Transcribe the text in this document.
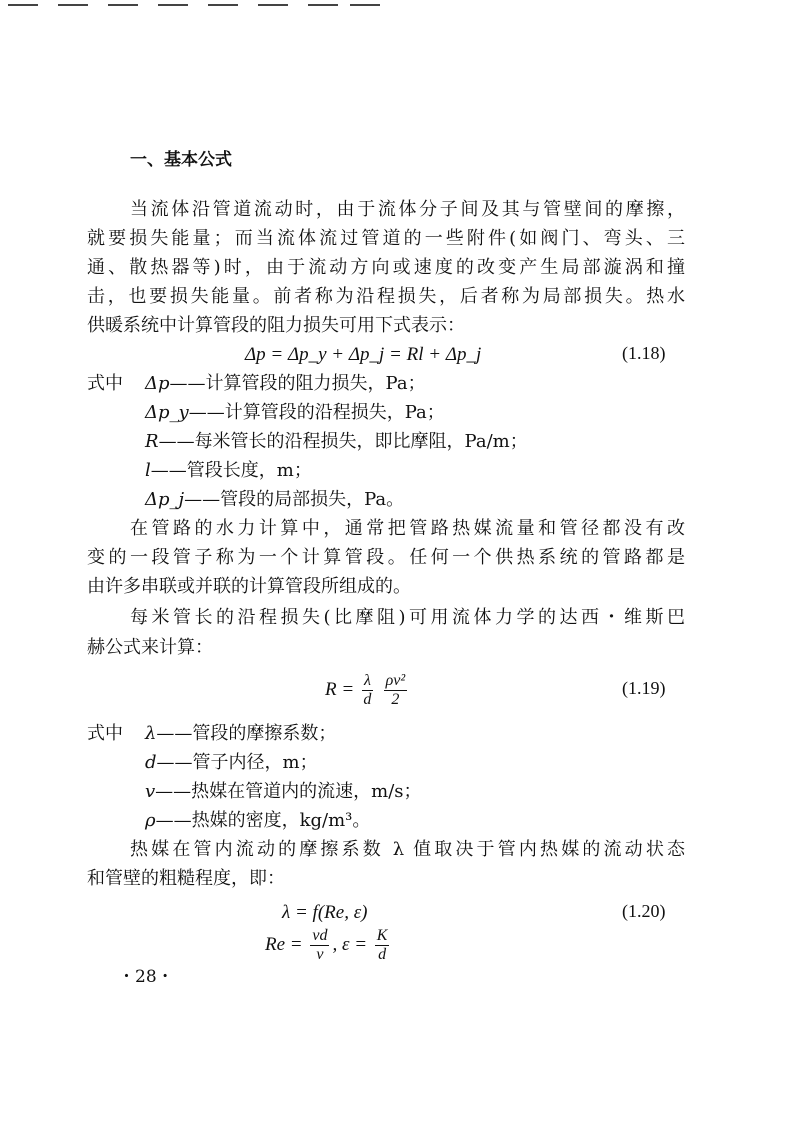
一、基本公式
当流体沿管道流动时，由于流体分子间及其与管壁间的摩擦，
就要损失能量；而当流体流过管道的一些附件(如阀门、弯头、三
通、散热器等)时，由于流动方向或速度的改变产生局部漩涡和撞
击，也要损失能量。前者称为沿程损失，后者称为局部损失。热水
供暖系统中计算管段的阻力损失可用下式表示：
Δp = Δp_y + Δp_j = Rl + Δp_j	(1.18)
式中 Δp——计算管段的阻力损失，Pa；
Δp_y——计算管段的沿程损失，Pa；
R——每米管长的沿程损失，即比摩阻，Pa/m；
l——管段长度，m；
Δp_j——管段的局部损失，Pa。
在管路的水力计算中，通常把管路热媒流量和管径都没有改
变的一段管子称为一个计算管段。任何一个供热系统的管路都是
由许多串联或并联的计算管段所组成的。
每米管长的沿程损失(比摩阻)可用流体力学的达西・维斯巴
赫公式来计算：
$R = \frac{\lambda}{d}$
$\frac{\text{ρv²}}{2}$	(1.19)
式中 λ——管段的摩擦系数；
d——管子内径，m；
v——热媒在管道内的流速，m/s；
ρ——热媒的密度，kg/m³。
热媒在管内流动的摩擦系数 λ 值取决于管内热媒的流动状态
和管壁的粗糙程度，即：
λ = f(Re, ε)	(1.20)
$Re = \frac{vd}{\nu}$ , $\varepsilon = \frac{K}{d}$
・28・
